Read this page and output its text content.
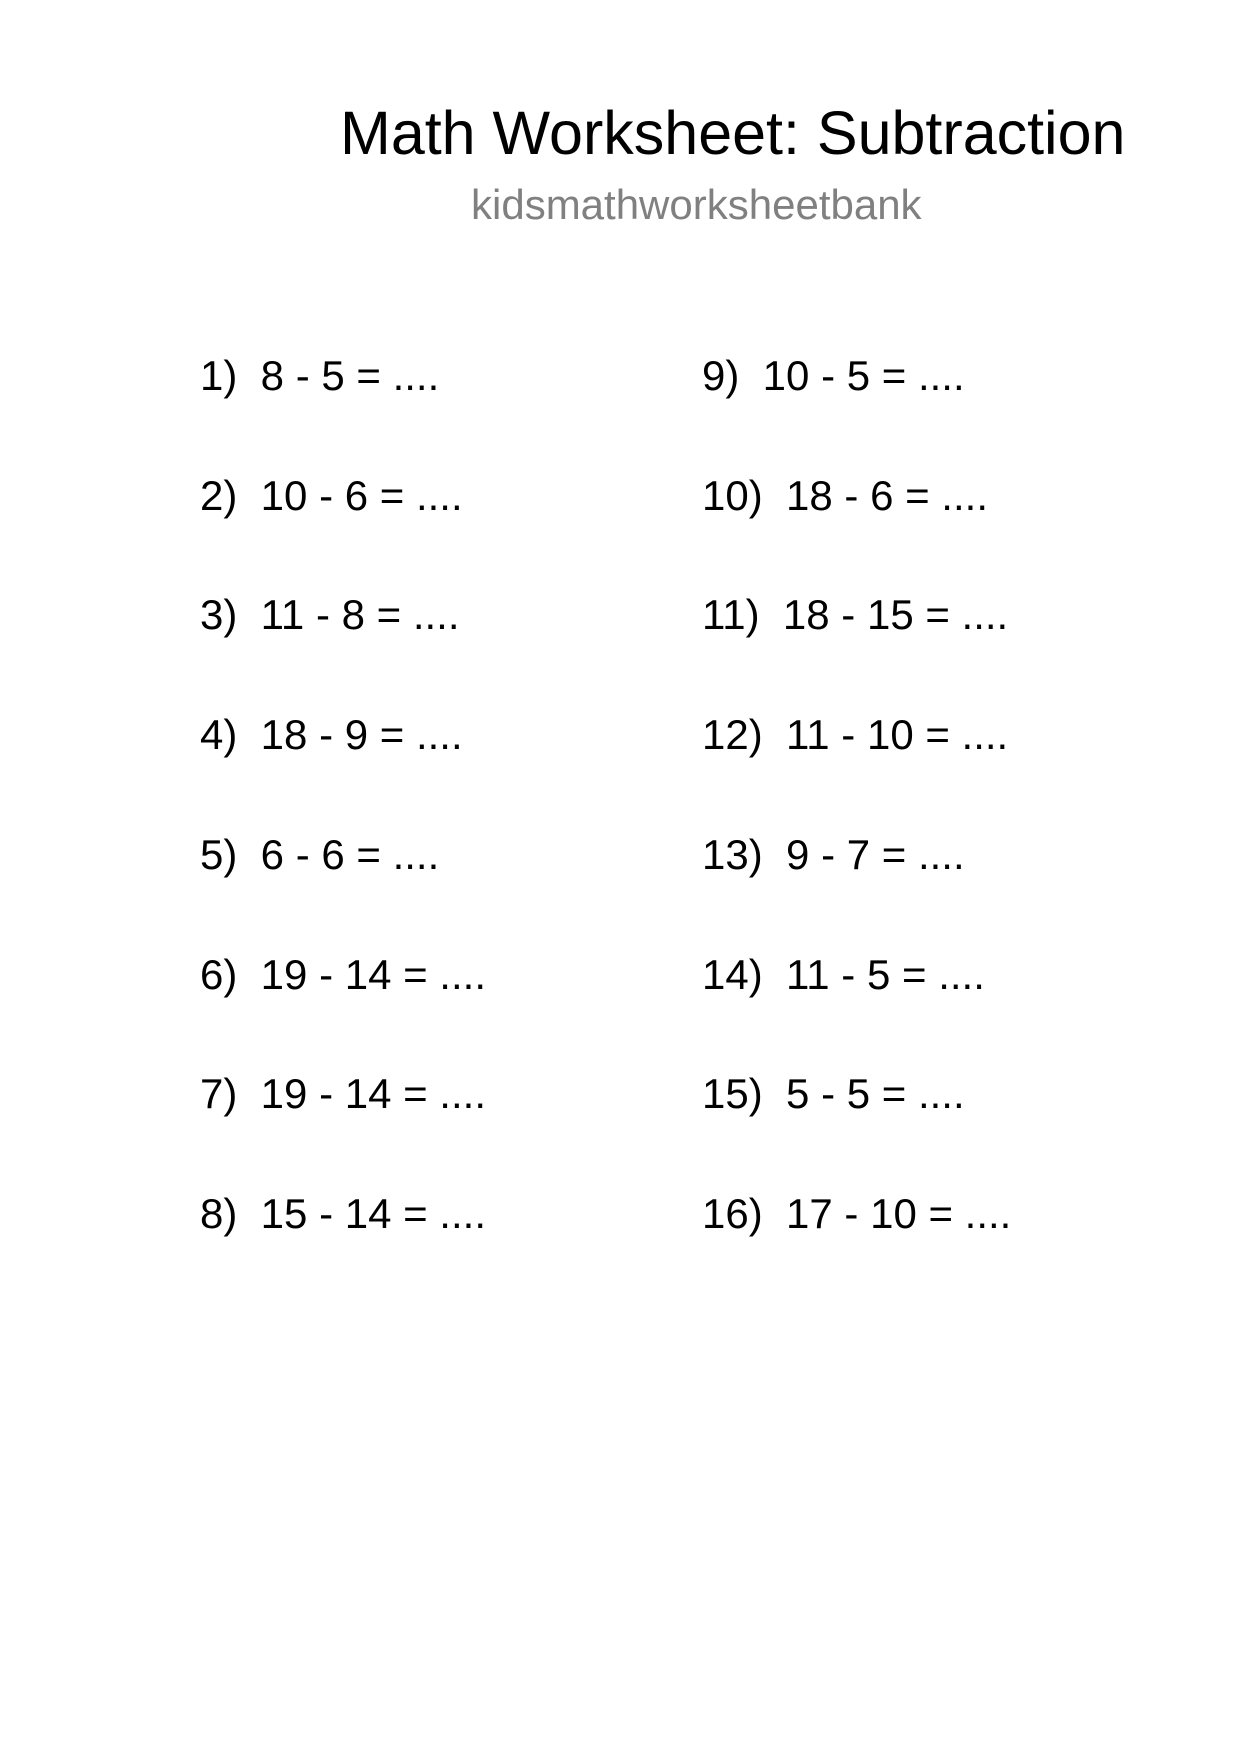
Math Worksheet: Subtraction
kidsmathworksheetbank
1)  8 - 5 = ....
2)  10 - 6 = ....
3)  11 - 8 = ....
4)  18 - 9 = ....
5)  6 - 6 = ....
6)  19 - 14 = ....
7)  19 - 14 = ....
8)  15 - 14 = ....
9)  10 - 5 = ....
10)  18 - 6 = ....
11)  18 - 15 = ....
12)  11 - 10 = ....
13)  9 - 7 = ....
14)  11 - 5 = ....
15)  5 - 5 = ....
16)  17 - 10 = ....
